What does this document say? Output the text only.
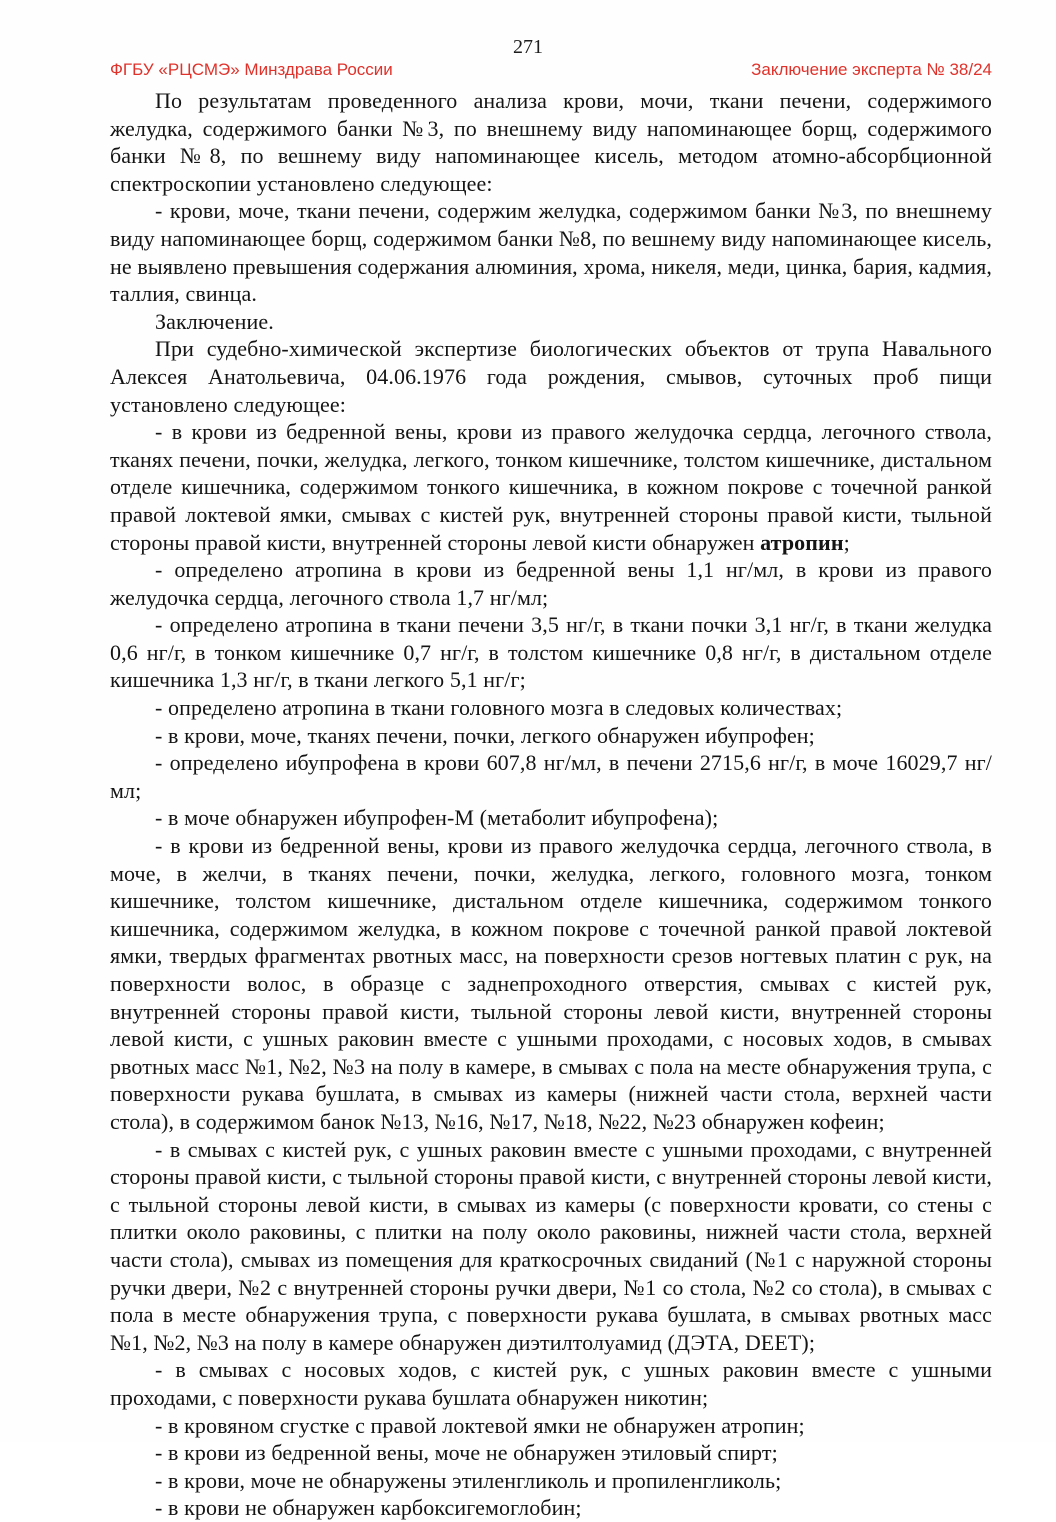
271
ФГБУ «РЦСМЭ» Минздрава России	Заключение эксперта № 38/24

По результатам проведенного анализа крови, мочи, ткани печени, содержимого желудка, содержимого банки №3, по внешнему виду напоминающее борщ, содержимого банки №8, по вешнему виду напоминающее кисель, методом атомно-абсорбционной спектроскопии установлено следующее:

- крови, моче, ткани печени, содержим желудка, содержимом банки №3, по внешнему виду напоминающее борщ, содержимом банки №8, по вешнему виду напоминающее кисель, не выявлено превышения содержания алюминия, хрома, никеля, меди, цинка, бария, кадмия, таллия, свинца.

Заключение.

При судебно-химической экспертизе биологических объектов от трупа Навального Алексея Анатольевича, 04.06.1976 года рождения, смывов, суточных проб пищи установлено следующее:

- в крови из бедренной вены, крови из правого желудочка сердца, легочного ствола, тканях печени, почки, желудка, легкого, тонком кишечнике, толстом кишечнике, дистальном отделе кишечника, содержимом тонкого кишечника, в кожном покрове с точечной ранкой правой локтевой ямки, смывах с кистей рук, внутренней стороны правой кисти, тыльной стороны правой кисти, внутренней стороны левой кисти обнаружен атропин;

- определено атропина в крови из бедренной вены 1,1 нг/мл, в крови из правого желудочка сердца, легочного ствола 1,7 нг/мл;

- определено атропина в ткани печени 3,5 нг/г, в ткани почки 3,1 нг/г, в ткани желудка 0,6 нг/г, в тонком кишечнике 0,7 нг/г, в толстом кишечнике 0,8 нг/г, в дистальном отделе кишечника 1,3 нг/г, в ткани легкого 5,1 нг/г;

- определено атропина в ткани головного мозга в следовых количествах;

- в крови, моче, тканях печени, почки, легкого обнаружен ибупрофен;

- определено ибупрофена в крови 607,8 нг/мл, в печени 2715,6 нг/г, в моче 16029,7 нг/мл;

- в моче обнаружен ибупрофен-М (метаболит ибупрофена);

- в крови из бедренной вены, крови из правого желудочка сердца, легочного ствола, в моче, в желчи, в тканях печени, почки, желудка, легкого, головного мозга, тонком кишечнике, толстом кишечнике, дистальном отделе кишечника, содержимом тонкого кишечника, содержимом желудка, в кожном покрове с точечной ранкой правой локтевой ямки, твердых фрагментах рвотных масс, на поверхности срезов ногтевых платин с рук, на поверхности волос, в образце с заднепроходного отверстия, смывах с кистей рук, внутренней стороны правой кисти, тыльной стороны левой кисти, внутренней стороны левой кисти, с ушных раковин вместе с ушными проходами, с носовых ходов, в смывах рвотных масс №1, №2, №3 на полу в камере, в смывах с пола на месте обнаружения трупа, с поверхности рукава бушлата, в смывах из камеры (нижней части стола, верхней части стола), в содержимом банок №13, №16, №17, №18, №22, №23 обнаружен кофеин;

- в смывах с кистей рук, с ушных раковин вместе с ушными проходами, с внутренней стороны правой кисти, с тыльной стороны правой кисти, с внутренней стороны левой кисти, с тыльной стороны левой кисти, в смывах из камеры (с поверхности кровати, со стены с плитки около раковины, с плитки на полу около раковины, нижней части стола, верхней части стола), смывах из помещения для краткосрочных свиданий (№1 с наружной стороны ручки двери, №2 с внутренней стороны ручки двери, №1 со стола, №2 со стола), в смывах с пола в месте обнаружения трупа, с поверхности рукава бушлата, в смывах рвотных масс №1, №2, №3 на полу в камере обнаружен диэтилтолуамид (ДЭТА, DEET);

- в смывах с носовых ходов, с кистей рук, с ушных раковин вместе с ушными проходами, с поверхности рукава бушлата обнаружен никотин;

- в кровяном сгустке с правой локтевой ямки не обнаружен атропин;

- в крови из бедренной вены, моче не обнаружен этиловый спирт;

- в крови, моче не обнаружены этиленгликоль и пропиленгликоль;

- в крови не обнаружен карбоксигемоглобин;
